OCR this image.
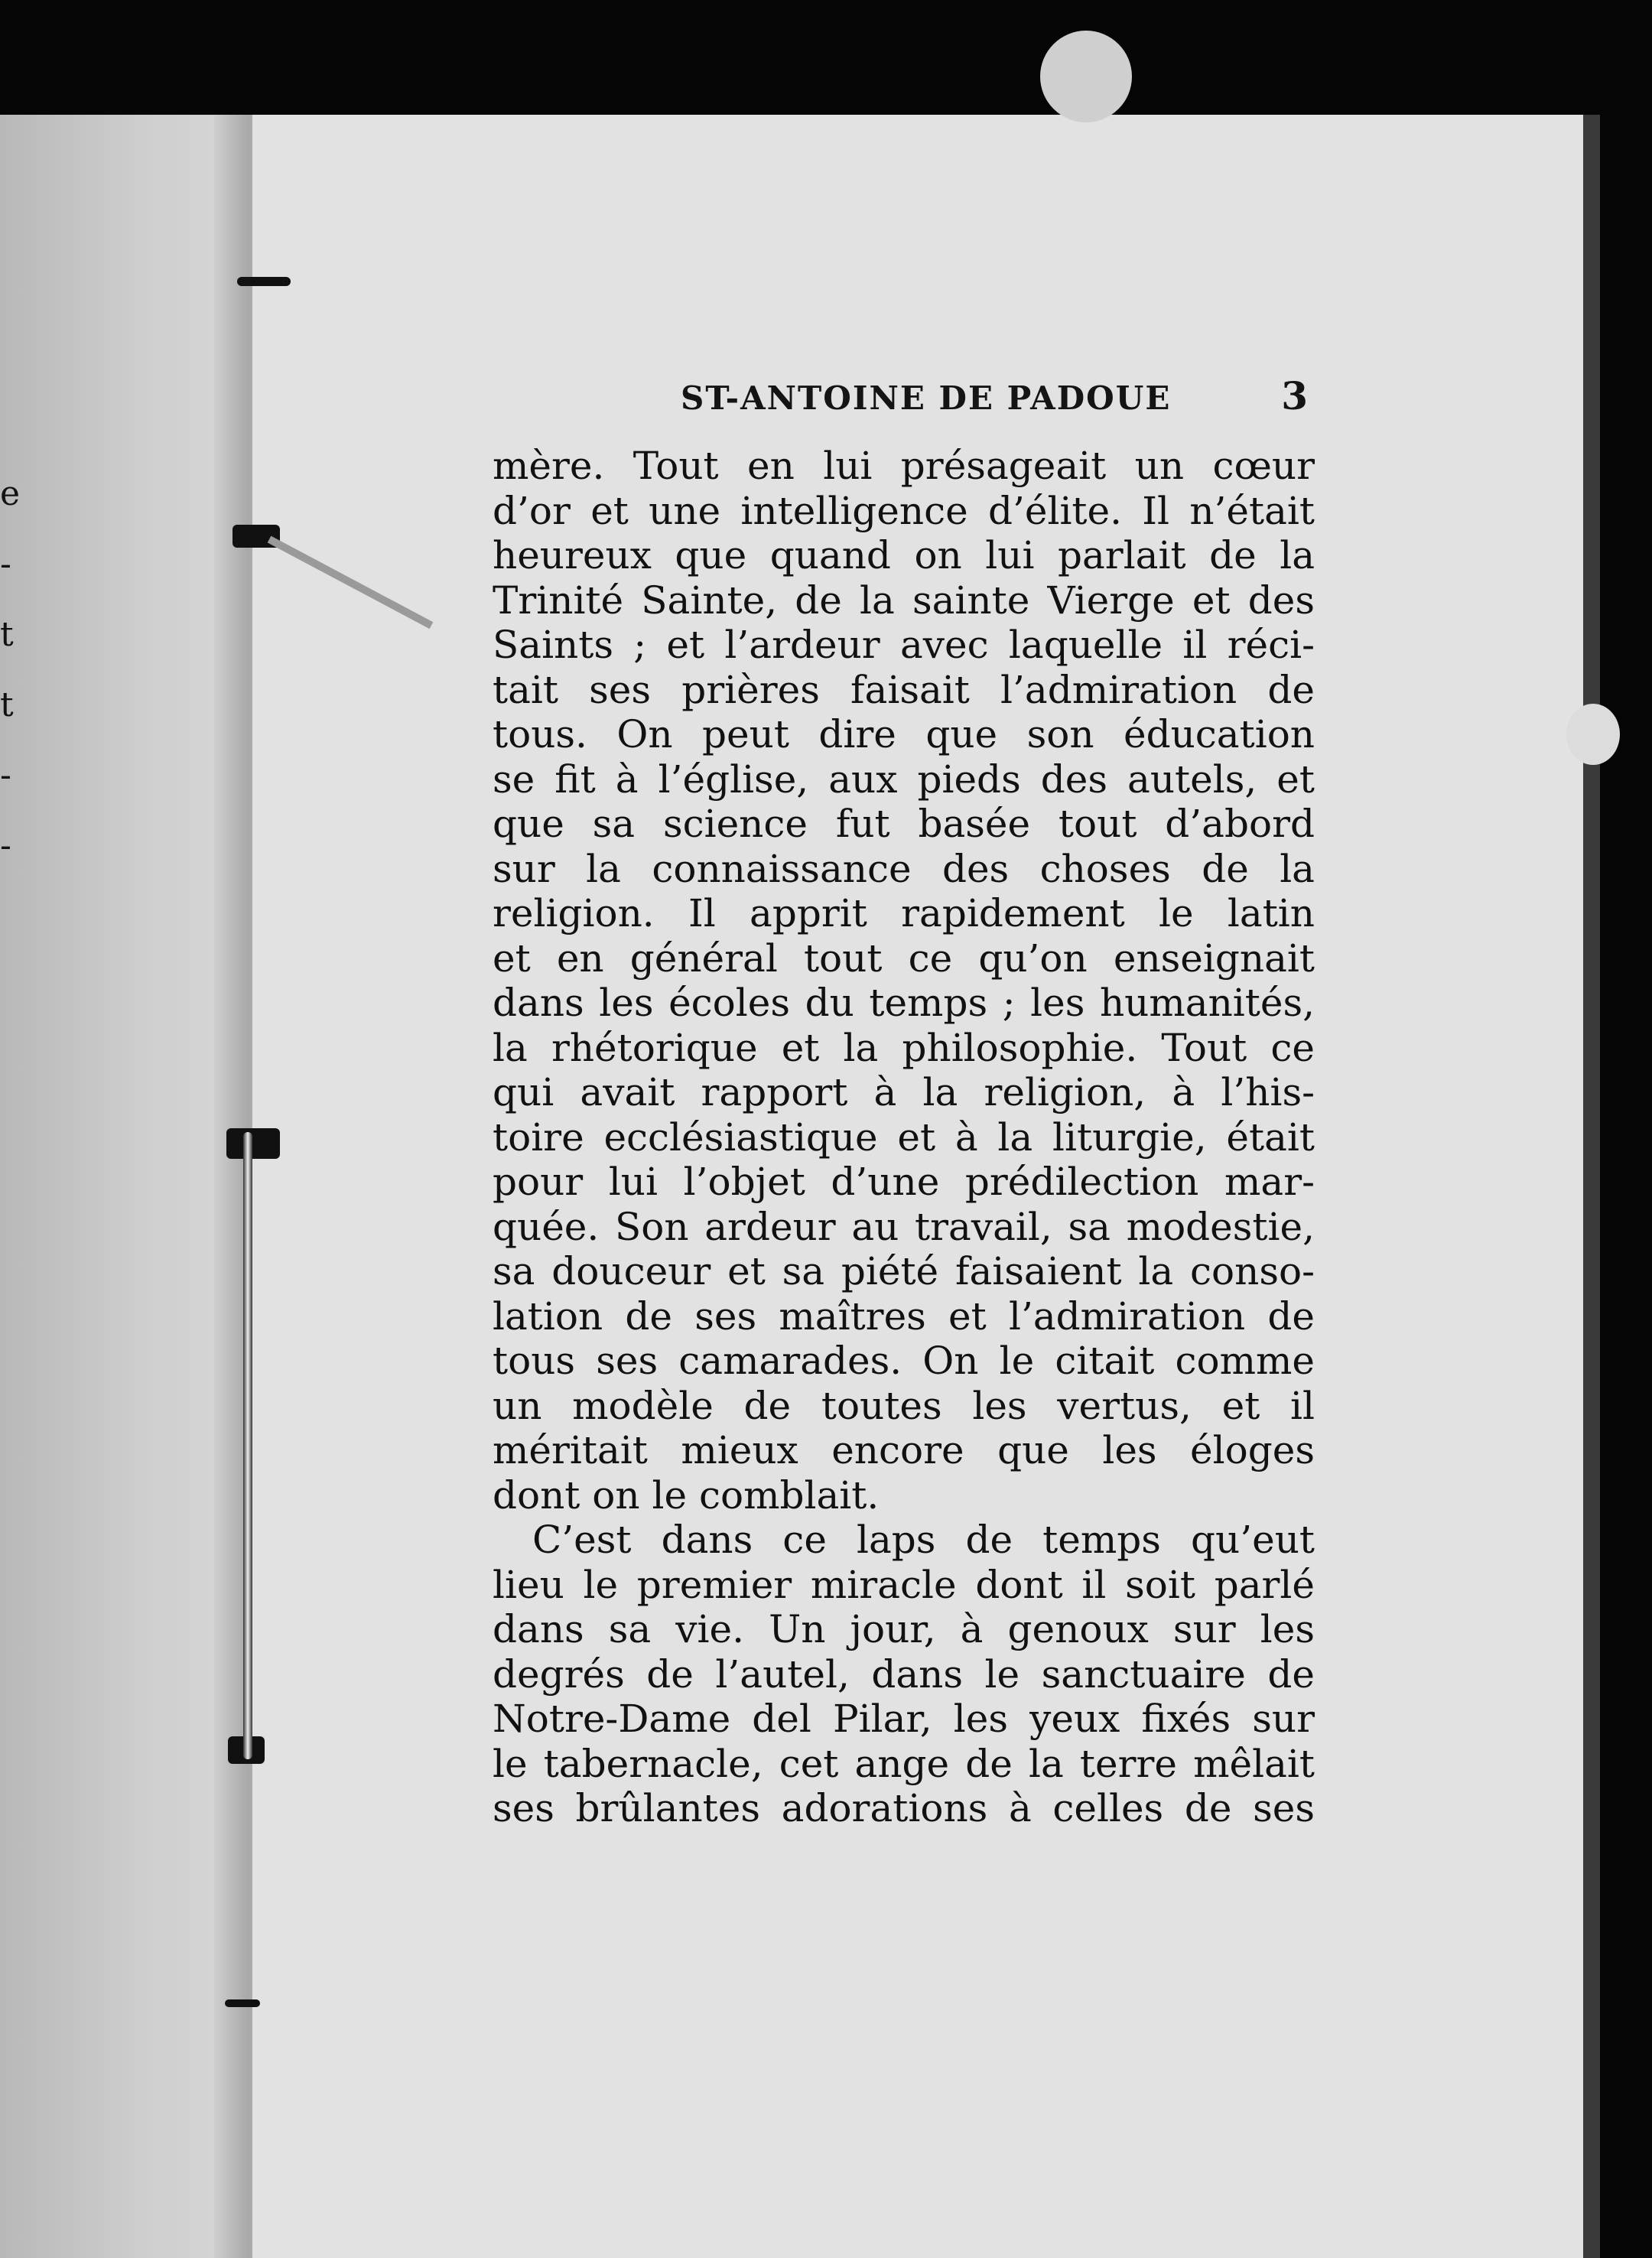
e
-
t
t
-
-
ST-ANTOINE DE PADOUE	3
mère. Tout en lui présageait un cœur
d’or et une intelligence d’élite. Il n’était
heureux que quand on lui parlait de la
Trinité Sainte, de la sainte Vierge et des
Saints ; et l’ardeur avec laquelle il réci-
tait ses prières faisait l’admiration de
tous. On peut dire que son éducation
se fit à l’église, aux pieds des autels, et
que sa science fut basée tout d’abord
sur la connaissance des choses de la
religion. Il apprit rapidement le latin
et en général tout ce qu’on enseignait
dans les écoles du temps ; les humanités,
la rhétorique et la philosophie. Tout ce
qui avait rapport à la religion, à l’his-
toire ecclésiastique et à la liturgie, était
pour lui l’objet d’une prédilection mar-
quée. Son ardeur au travail, sa modestie,
sa douceur et sa piété faisaient la conso-
lation de ses maîtres et l’admiration de
tous ses camarades. On le citait comme
un modèle de toutes les vertus, et il
méritait mieux encore que les éloges
dont on le comblait.
C’est dans ce laps de temps qu’eut
lieu le premier miracle dont il soit parlé
dans sa vie. Un jour, à genoux sur les
degrés de l’autel, dans le sanctuaire de
Notre-Dame del Pilar, les yeux fixés sur
le tabernacle, cet ange de la terre mêlait
ses brûlantes adorations à celles de ses
